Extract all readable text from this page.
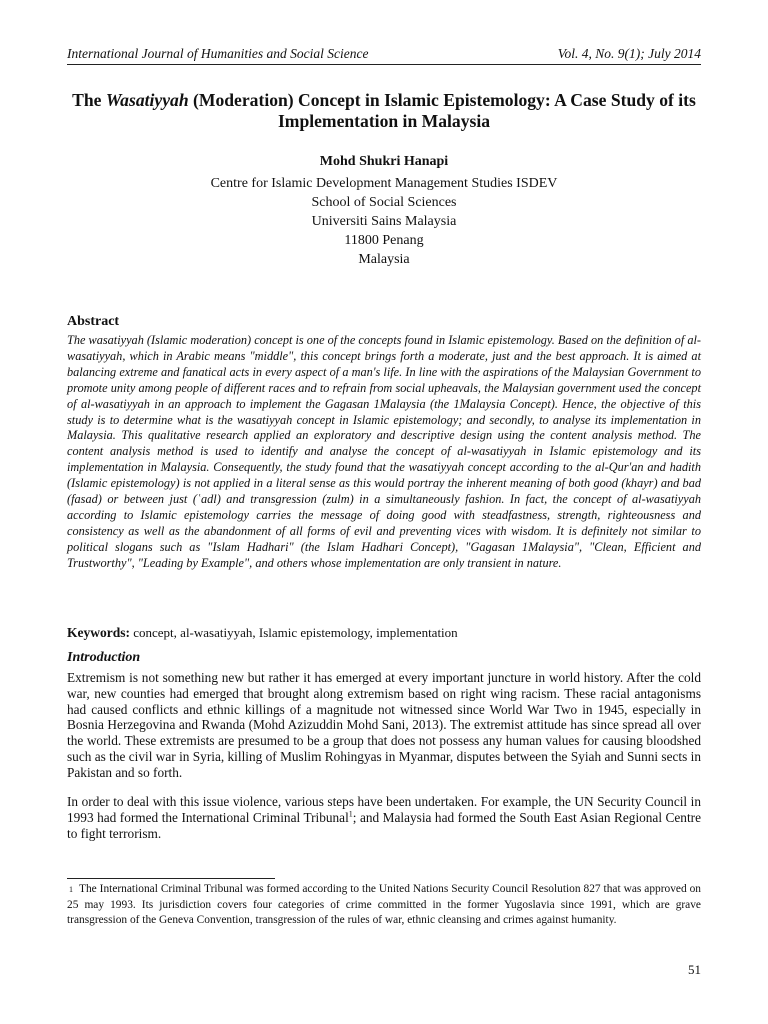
International Journal of Humanities and Social Science	Vol. 4, No. 9(1); July 2014
The Wasatiyyah (Moderation) Concept in Islamic Epistemology: A Case Study of its Implementation in Malaysia
Mohd Shukri Hanapi
Centre for Islamic Development Management Studies ISDEV
School of Social Sciences
Universiti Sains Malaysia
11800 Penang
Malaysia
Abstract

The wasatiyyah (Islamic moderation) concept is one of the concepts found in Islamic epistemology. Based on the definition of al-wasatiyyah, which in Arabic means "middle", this concept brings forth a moderate, just and the best approach. It is aimed at balancing extreme and fanatical acts in every aspect of a man's life. In line with the aspirations of the Malaysian Government to promote unity among people of different races and to refrain from social upheavals, the Malaysian government used the concept of al-wasatiyyah in an approach to implement the Gagasan 1Malaysia (the 1Malaysia Concept). Hence, the objective of this study is to determine what is the wasatiyyah concept in Islamic epistemology; and secondly, to analyse its implementation in Malaysia. This qualitative research applied an exploratory and descriptive design using the content analysis method. The content analysis method is used to identify and analyse the concept of al-wasatiyyah in Islamic epistemology and its implementation in Malaysia. Consequently, the study found that the wasatiyyah concept according to the al-Qur'an and hadith (Islamic epistemology) is not applied in a literal sense as this would portray the inherent meaning of both good (khayr) and bad (fasad) or between just (ʿadl) and transgression (zulm) in a simultaneously fashion. In fact, the concept of al-wasatiyyah according to Islamic epistemology carries the message of doing good with steadfastness, strength, righteousness and consistency as well as the abandonment of all forms of evil and preventing vices with wisdom. It is definitely not similar to political slogans such as "Islam Hadhari" (the Islam Hadhari Concept), "Gagasan 1Malaysia", "Clean, Efficient and Trustworthy", "Leading by Example", and others whose implementation are only transient in nature.

Keywords: concept, al-wasatiyyah, Islamic epistemology, implementation
Introduction

Extremism is not something new but rather it has emerged at every important juncture in world history. After the cold war, new counties had emerged that brought along extremism based on right wing racism. These racial antagonisms had caused conflicts and ethnic killings of a magnitude not witnessed since World War Two in 1945, especially in Bosnia Herzegovina and Rwanda (Mohd Azizuddin Mohd Sani, 2013). The extremist attitude has since spread all over the world. These extremists are presumed to be a group that does not possess any human values for causing bloodshed such as the civil war in Syria, killing of Muslim Rohingyas in Myanmar, disputes between the Syiah and Sunni sects in Pakistan and so forth.

In order to deal with this issue violence, various steps have been undertaken. For example, the UN Security Council in 1993 had formed the International Criminal Tribunal$^1$; and Malaysia had formed the South East Asian Regional Centre to fight terrorism.

$^1$ The International Criminal Tribunal was formed according to the United Nations Security Council Resolution 827 that was approved on 25 may 1993. Its jurisdiction covers four categories of crime committed in the former Yugoslavia since 1991, which are grave transgression of the Geneva Convention, transgression of the rules of war, ethnic cleansing and crimes against humanity.

51
